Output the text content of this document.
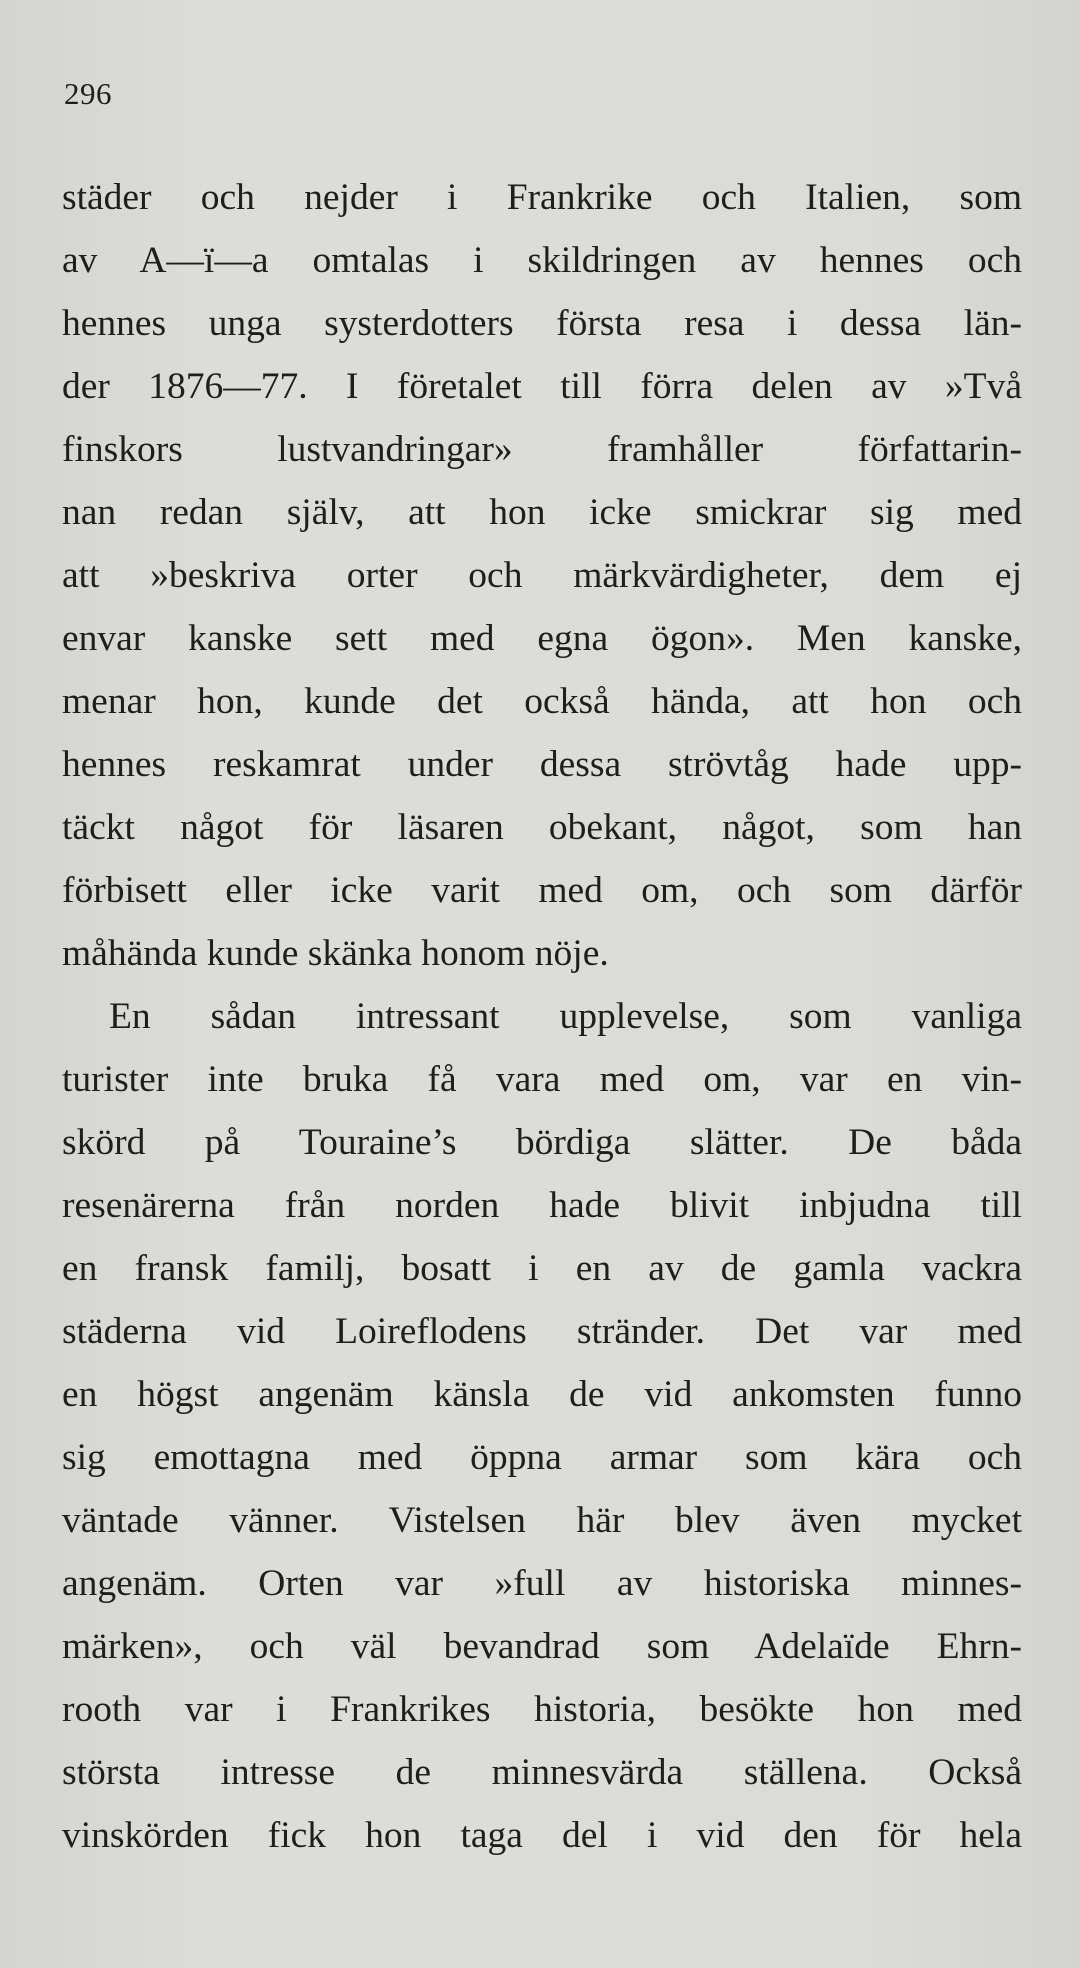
296
städer och nejder i Frankrike och Italien, som
av A—ï—a omtalas i skildringen av hennes och
hennes unga systerdotters första resa i dessa län-
der 1876—77. I företalet till förra delen av »Två
finskors lustvandringar» framhåller författarin-
nan redan själv, att hon icke smickrar sig med
att »beskriva orter och märkvärdigheter, dem ej
envar kanske sett med egna ögon». Men kanske,
menar hon, kunde det också hända, att hon och
hennes reskamrat under dessa strövtåg hade upp-
täckt något för läsaren obekant, något, som han
förbisett eller icke varit med om, och som därför
måhända kunde skänka honom nöje.
En sådan intressant upplevelse, som vanliga
turister inte bruka få vara med om, var en vin-
skörd på Touraine’s bördiga slätter. De båda
resenärerna från norden hade blivit inbjudna till
en fransk familj, bosatt i en av de gamla vackra
städerna vid Loireflodens stränder. Det var med
en högst angenäm känsla de vid ankomsten funno
sig emottagna med öppna armar som kära och
väntade vänner. Vistelsen här blev även mycket
angenäm. Orten var »full av historiska minnes-
märken», och väl bevandrad som Adelaïde Ehrn-
rooth var i Frankrikes historia, besökte hon med
största intresse de minnesvärda ställena. Också
vinskörden fick hon taga del i vid den för hela
